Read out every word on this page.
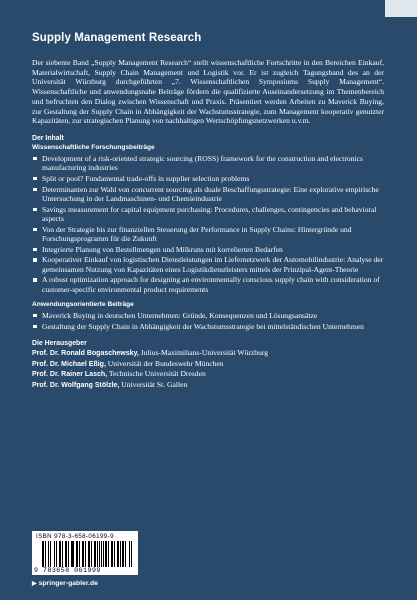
Supply Management Research

Der siebente Band „Supply Management Research“ stellt wissenschaftliche Fortschritte in den Bereichen Einkauf, Materialwirtschaft, Supply Chain Management und Logistik vor. Er ist zugleich Tagungsband des an der Universität Würzburg durchgeführten „7. Wissenschaftlichen Symposiums Supply Management“. Wissenschaftliche und anwendungsnahe Beiträge fördern die qualifizierte Auseinandersetzung im Themenbereich und befruchten den Dialog zwischen Wissenschaft und Praxis. Präsentiert werden Arbeiten zu Maverick Buying, zur Gestaltung der Supply Chain in Abhängigkeit der Wachstumsstrategie, zum Management kooperativ genutzter Kapazitäten, zur strategischen Planung von nachhaltigen Wertschöpfungsnetzwerken u.v.m.

Der Inhalt

Wissenschaftliche Forschungsbeiträge

Development of a risk-oriented strategic sourcing (ROSS) framework for the construction and electronics manufacturing industries
Split or pool? Fundamental trade-offs in supplier selection problems
Determinanten zur Wahl von concurrent sourcing als duale Beschaffungsstrategie: Eine explorative empirische Untersuchung in der Landmaschinen- und Chemieindustrie
Savings measurement for capital equipment purchasing: Procedures, challenges, contingencies and behavioral aspects
Von der Strategie bis zur finanziellen Steuerung der Performance in Supply Chains: Hintergründe und Forschungsprogramm für die Zukunft
Integrierte Planung von Bestellmengen und Milkruns mit korrelierten Bedarfen
Kooperativer Einkauf von logistischen Dienstleistungen im Liefernetzwerk der Automobilindustrie: Analyse der gemeinsamen Nutzung von Kapazitäten eines Logistikdienstleisters mittels der Prinzipal-Agent-Theorie
A robust optimization approach for designing an environmentally conscious supply chain with consideration of customer-specific environmental product requirements

Anwendungsorientierte Beiträge

Maverick Buying in deutschen Unternehmen: Gründe, Konsequenzen und Lösungsansätze
Gestaltung der Supply Chain in Abhängigkeit der Wachstumsstrategie bei mittelständischen Unternehmen

Die Herausgeber

Prof. Dr. Ronald Bogaschewsky, Julius-Maximilians-Universität Würzburg
Prof. Dr. Michael Eßig, Universität der Bundeswehr München
Prof. Dr. Rainer Lasch, Technische Universität Dresden
Prof. Dr. Wolfgang Stölzle, Universität St. Gallen
ISBN 978-3-658-06199-9
9 783658 061999
▶ springer-gabler.de
